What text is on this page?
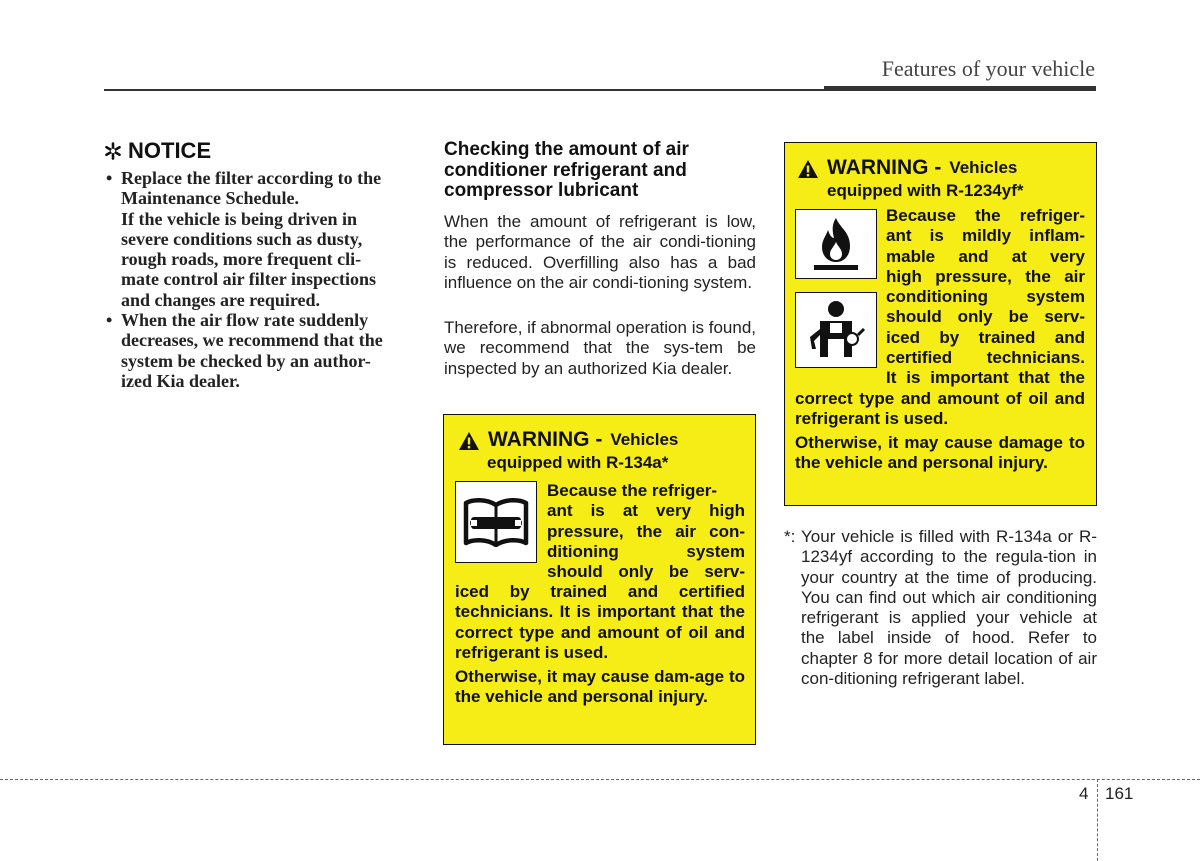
Features of your vehicle
NOTICE
• Replace the filter according to the
Maintenance Schedule.
If the vehicle is being driven in
severe conditions such as dusty,
rough roads, more frequent cli-
mate control air filter inspections
and changes are required.
• When the air flow rate suddenly
decreases, we recommend that the
system be checked by an author-
ized Kia dealer.
Checking the amount of air conditioner refrigerant and compressor lubricant

When the amount of refrigerant is low, the performance of the air condi-tioning is reduced. Overfilling also has a bad influence on the air condi-tioning system.

Therefore, if abnormal operation is found, we recommend that the sys-tem be inspected by an authorized Kia dealer.

WARNING - Vehicles
equipped with R-134a*
Because the refriger-
ant is at very high
pressure, the air con-
ditioning system
should only be serv-

iced by trained and certified technicians. It is important that the correct type and amount of oil and refrigerant is used.

Otherwise, it may cause dam-age to the vehicle and personal injury.

WARNING - Vehicles
equipped with R-1234yf*
Because the refriger-
ant is mildly inflam-
mable and at very
high pressure, the air
conditioning system
should only be serv-
iced by trained and
certified technicians.
It is important that the

correct type and amount of oil and refrigerant is used.

Otherwise, it may cause damage to the vehicle and personal injury.

*: Your vehicle is filled with R-134a or R-1234yf according to the regula-tion in your country at the time of producing. You can find out which air conditioning refrigerant is applied your vehicle at the label inside of hood. Refer to chapter 8 for more detail location of air con-ditioning refrigerant label.
4 161
